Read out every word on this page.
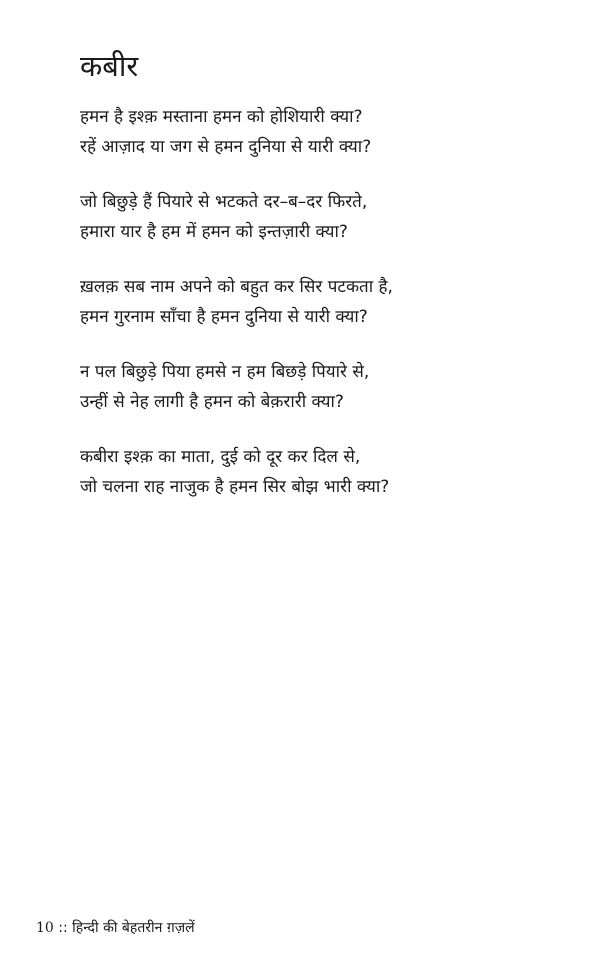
कबीर
हमन है इश्क़ मस्ताना हमन को होशियारी क्या?
रहें आज़ाद या जग से हमन दुनिया से यारी क्या?
जो बिछुड़े हैं पियारे से भटकते दर–ब–दर फिरते,
हमारा यार है हम में हमन को इन्तज़ारी क्या?
ख़लक़ सब नाम अपने को बहुत कर सिर पटकता है,
हमन गुरनाम साँचा है हमन दुनिया से यारी क्या?
न पल बिछुड़े पिया हमसे न हम बिछड़े पियारे से,
उन्हीं से नेह लागी है हमन को बेक़रारी क्या?
कबीरा इश्क़ का माता, दुई को दूर कर दिल से,
जो चलना राह नाजुक है हमन सिर बोझ भारी क्या?
10 :: हिन्दी की बेहतरीन ग़ज़लें
